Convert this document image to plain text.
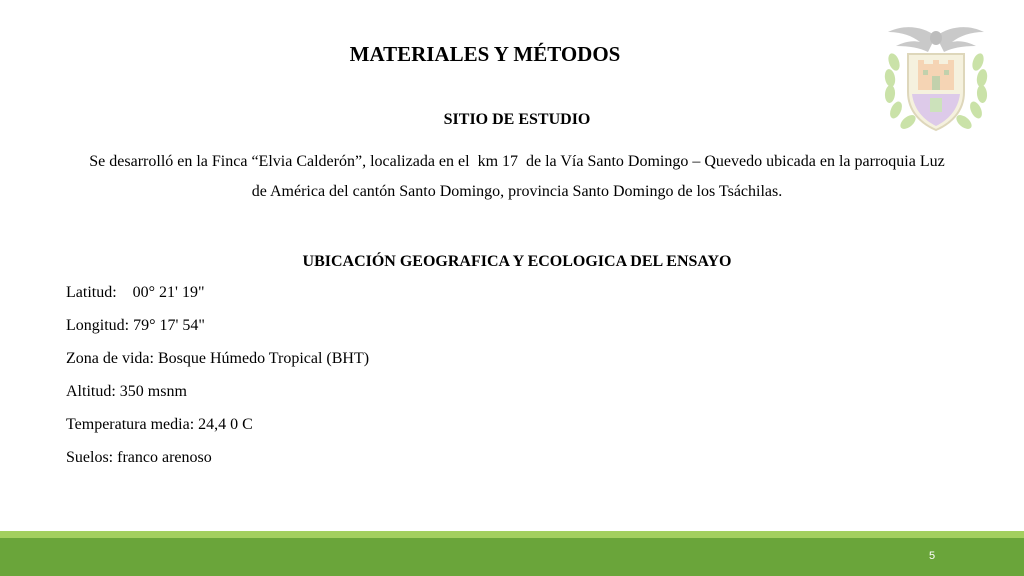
MATERIALES Y MÉTODOS
SITIO DE ESTUDIO

Se desarrolló en la Finca “Elvia Calderón”, localizada en el  km 17  de la Vía Santo Domingo – Quevedo ubicada en la parroquia Luz

de América del cantón Santo Domingo, provincia Santo Domingo de los Tsáchilas.

UBICACIÓN GEOGRAFICA Y ECOLOGICA DEL ENSAYO

Latitud:    00° 21' 19"

Longitud: 79° 17' 54"

Zona de vida: Bosque Húmedo Tropical (BHT)

Altitud: 350 msnm

Temperatura media: 24,4 0 C

Suelos: franco arenoso

5
